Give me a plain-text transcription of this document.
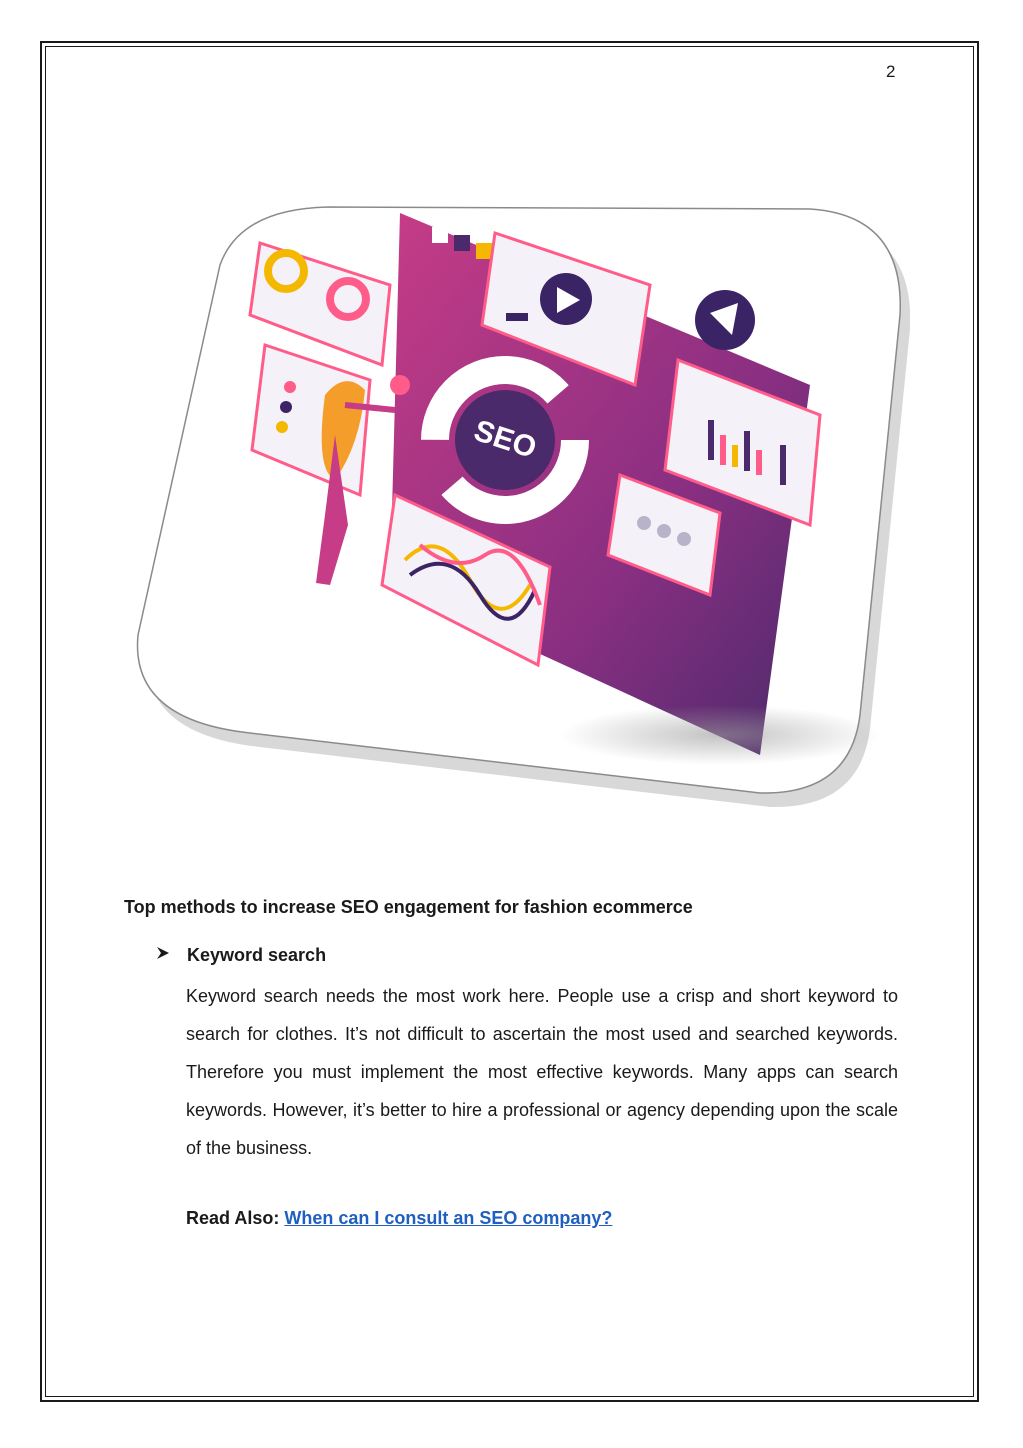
2
SEO
Top methods to increase SEO engagement for fashion ecommerce
Keyword search
Keyword search needs the most work here. People use a crisp and short keyword to search for clothes. It’s not difficult to ascertain the most used and searched keywords. Therefore you must implement the most effective keywords. Many apps can search keywords. However, it’s better to hire a professional or agency depending upon the scale of the business.
Read Also: When can I consult an SEO company?
